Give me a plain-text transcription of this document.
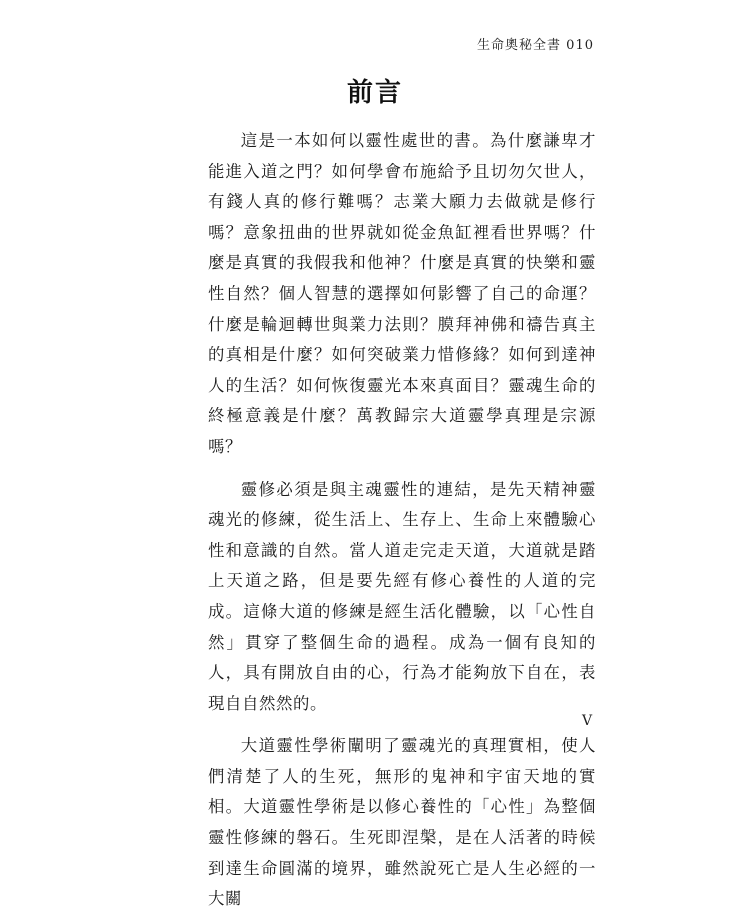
生命奧秘全書 010
前言

這是一本如何以靈性處世的書。為什麼謙卑才能進入道之門？如何學會布施給予且切勿欠世人，有錢人真的修行難嗎？志業大願力去做就是修行嗎？意象扭曲的世界就如從金魚缸裡看世界嗎？什麼是真實的我假我和他神？什麼是真實的快樂和靈性自然？個人智慧的選擇如何影響了自己的命運？什麼是輪迴轉世與業力法則？膜拜神佛和禱告真主的真相是什麼？如何突破業力惜修緣？如何到達神人的生活？如何恢復靈光本來真面目？靈魂生命的終極意義是什麼？萬教歸宗大道靈學真理是宗源嗎？

靈修必須是與主魂靈性的連結，是先天精神靈魂光的修練，從生活上、生存上、生命上來體驗心性和意識的自然。當人道走完走天道，大道就是踏上天道之路，但是要先經有修心養性的人道的完成。這條大道的修練是經生活化體驗，以「心性自然」貫穿了整個生命的過程。成為一個有良知的人，具有開放自由的心，行為才能夠放下自在，表現自自然然的。

大道靈性學術闡明了靈魂光的真理實相，使人們清楚了人的生死，無形的鬼神和宇宙天地的實相。大道靈性學術是以修心養性的「心性」為整個靈性修練的磐石。生死即涅槃，是在人活著的時候到達生命圓滿的境界，雖然說死亡是人生必經的一大關

V
